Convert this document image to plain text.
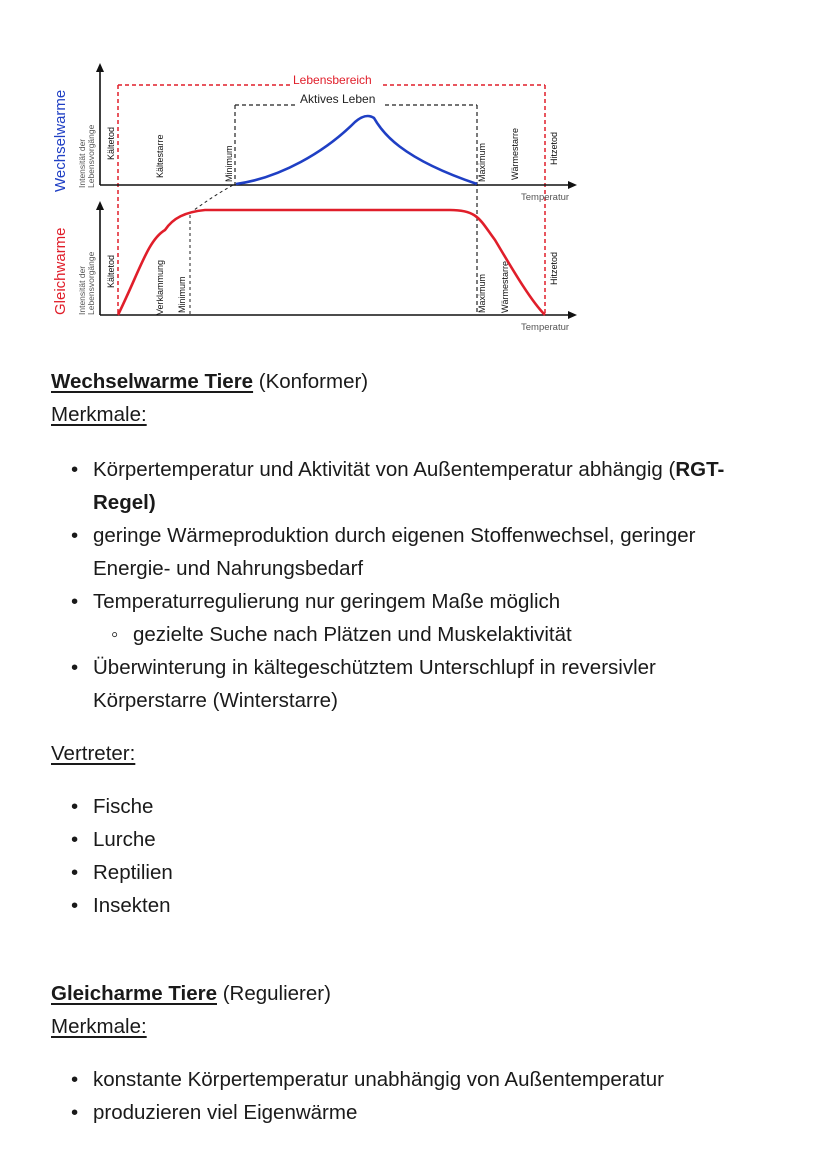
Wechselwarme
Gleichwarme
Intensität der Lebensvorgänge
Intensität der Lebensvorgänge
Lebensbereich
Aktives Leben
Temperatur
Temperatur
Kältetod	Kältestarre	Minimum	Maximum	Wärmestarre	Hitzetod
Kältetod	Verklammung Minimum	Maximum Wärmestarre	Hitzetod
Wechselwarme Tiere (Konformer)
Merkmale:
• Körpertemperatur und Aktivität von Außentemperatur abhängig (RGT-Regel)
• geringe Wärmeproduktion durch eigenen Stoffenwechsel, geringer Energie- und Nahrungsbedarf
• Temperaturregulierung nur geringem Maße möglich
◦ gezielte Suche nach Plätzen und Muskelaktivität
• Überwinterung in kältegeschütztem Unterschlupf in reversivler Körperstarre (Winterstarre)
Vertreter:
• Fische
• Lurche
• Reptilien
• Insekten
Gleicharme Tiere (Regulierer)
Merkmale:
• konstante Körpertemperatur unabhängig von Außentemperatur
• produzieren viel Eigenwärme
